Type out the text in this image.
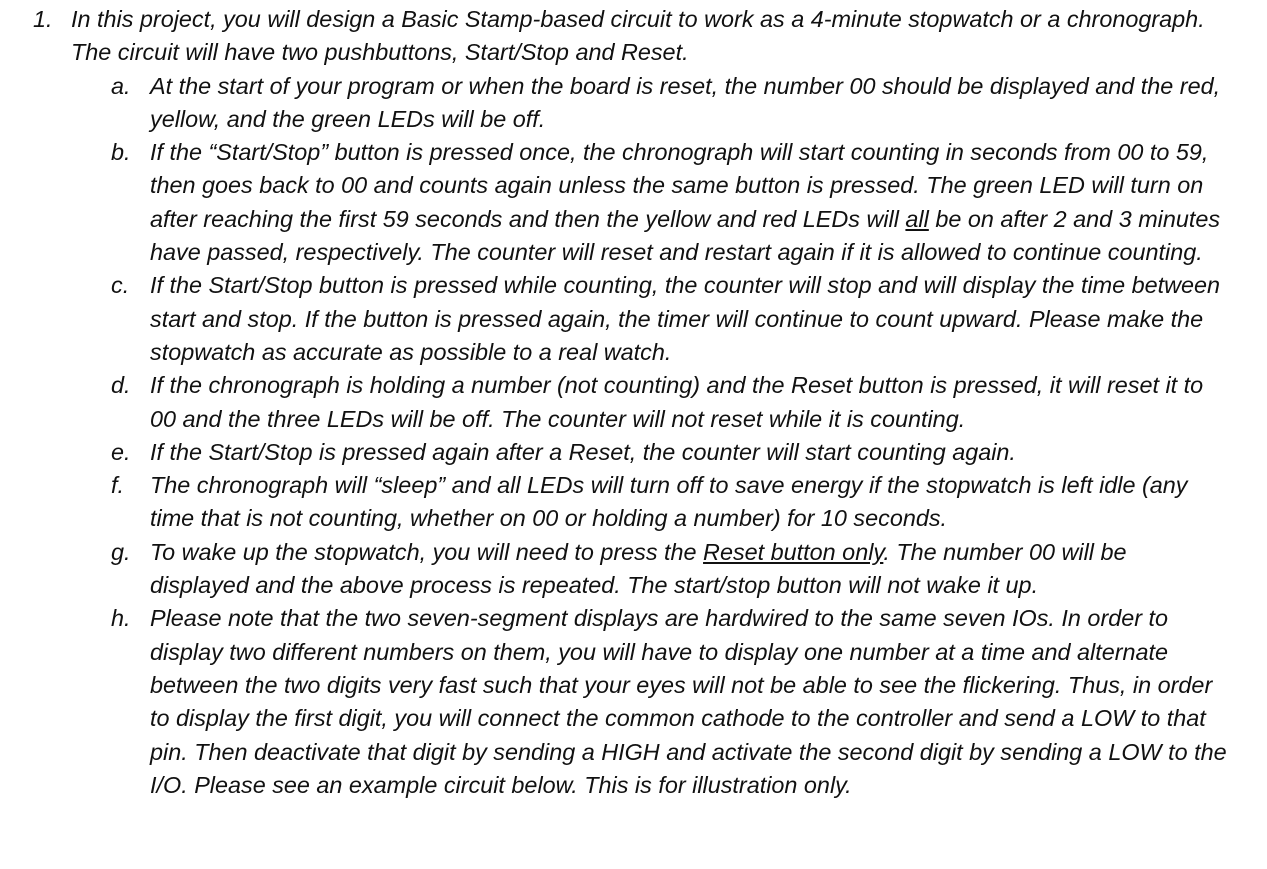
1. In this project, you will design a Basic Stamp-based circuit to work as a 4-minute stopwatch or a chronograph. The circuit will have two pushbuttons, Start/Stop and Reset.
a. At the start of your program or when the board is reset, the number 00 should be displayed and the red, yellow, and the green LEDs will be off.
b. If the “Start/Stop” button is pressed once, the chronograph will start counting in seconds from 00 to 59, then goes back to 00 and counts again unless the same button is pressed. The green LED will turn on after reaching the first 59 seconds and then the yellow and red LEDs will all be on after 2 and 3 minutes have passed, respectively. The counter will reset and restart again if it is allowed to continue counting.
c. If the Start/Stop button is pressed while counting, the counter will stop and will display the time between start and stop. If the button is pressed again, the timer will continue to count upward. Please make the stopwatch as accurate as possible to a real watch.
d. If the chronograph is holding a number (not counting) and the Reset button is pressed, it will reset it to 00 and the three LEDs will be off. The counter will not reset while it is counting.
e. If the Start/Stop is pressed again after a Reset, the counter will start counting again.
f. The chronograph will “sleep” and all LEDs will turn off to save energy if the stopwatch is left idle (any time that is not counting, whether on 00 or holding a number) for 10 seconds.
g. To wake up the stopwatch, you will need to press the Reset button only. The number 00 will be displayed and the above process is repeated. The start/stop button will not wake it up.
h. Please note that the two seven-segment displays are hardwired to the same seven IOs. In order to display two different numbers on them, you will have to display one number at a time and alternate between the two digits very fast such that your eyes will not be able to see the flickering. Thus, in order to display the first digit, you will connect the common cathode to the controller and send a LOW to that pin. Then deactivate that digit by sending a HIGH and activate the second digit by sending a LOW to the I/O. Please see an example circuit below. This is for illustration only.
